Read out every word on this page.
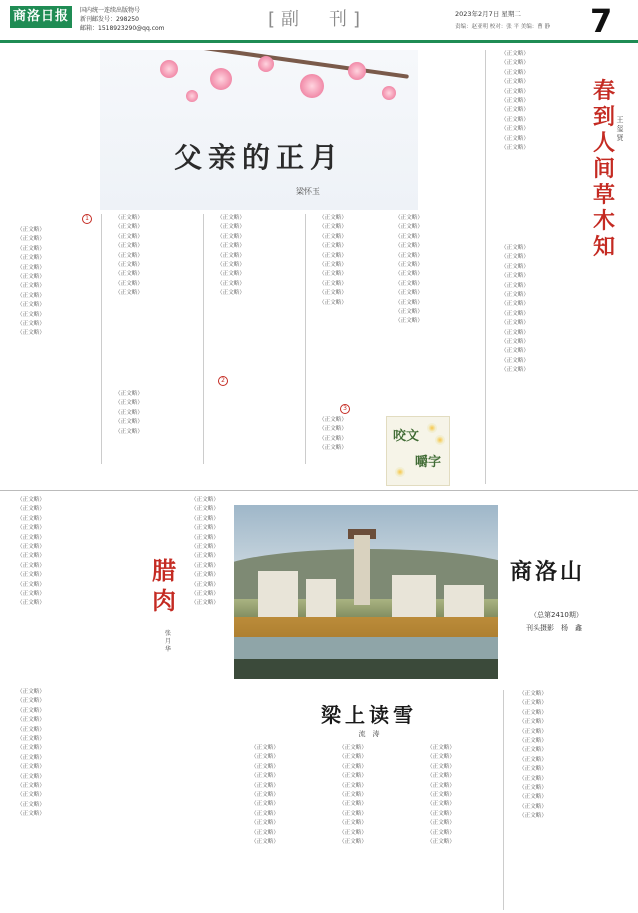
商洛日报	国内统一连续出版物号
新刊邮发号：298250
邮箱：1518923290@qq.com	[副　刊]	2023年2月7日 星期二
责编：赵亚明 校对：张 平 美编：曹 静 7
父亲的正月
梁怀玉
1

（正文略）

（正文略）

（正文略）

（正文略）

（正文略）

（正文略）

（正文略）

（正文略）

（正文略）

（正文略）

（正文略）

（正文略）

（正文略）

（正文略）

（正文略）

（正文略）

（正文略）

（正文略）

（正文略）

（正文略）

（正文略）

（正文略）

（正文略）

（正文略）

（正文略）

（正文略）

（正文略）

（正文略）

（正文略）

（正文略）

（正文略）

（正文略）

（正文略）

（正文略）

（正文略）

（正文略）

（正文略）

（正文略）

（正文略）

（正文略）

2

（正文略）

（正文略）

（正文略）

（正文略）

（正文略）

3

（正文略）

（正文略）

（正文略）

（正文略）

（正文略）

（正文略）

（正文略）

（正文略）

（正文略）

（正文略）

（正文略）

（正文略）

（正文略）

（正文略）

（正文略）

（正文略）

（正文略）

（正文略）

（正文略）

（正文略）

（正文略）

（正文略）

（正文略）

（正文略）

（正文略）

（正文略）

（正文略）

春到人间草木知
王玺贤

（正文略）

（正文略）

（正文略）

（正文略）

（正文略）

（正文略）

（正文略）

（正文略）

（正文略）

（正文略）

（正文略）

（正文略）

（正文略）

（正文略）

咬文
嚼字

（正文略）

（正文略）

（正文略）

（正文略）

（正文略）

（正文略）

（正文略）

（正文略）

（正文略）

（正文略）

（正文略）

（正文略）

腊肉
张月华

（正文略）

（正文略）

（正文略）

（正文略）

（正文略）

（正文略）

（正文略）

（正文略）

（正文略）

（正文略）

（正文略）

（正文略）

（正文略）

（正文略）

（正文略）

（正文略）

（正文略）

（正文略）

（正文略）

（正文略）

（正文略）

（正文略）

（正文略）

（正文略）

（正文略）

（正文略）

商洛山
（总第2410期）
刊头摄影　杨　鑫

（正文略）

（正文略）

（正文略）

（正文略）

（正文略）

（正文略）

（正文略）

（正文略）

（正文略）

（正文略）

（正文略）

（正文略）

（正文略）

（正文略）

梁上读雪
流　涛

（正文略）

（正文略）

（正文略）

（正文略）

（正文略）

（正文略）

（正文略）

（正文略）

（正文略）

（正文略）

（正文略）

（正文略）

（正文略）

（正文略）

（正文略）

（正文略）

（正文略）

（正文略）

（正文略）

（正文略）

（正文略）

（正文略）

（正文略）

（正文略）

（正文略）

（正文略）

（正文略）

（正文略）

（正文略）

（正文略）

（正文略）

（正文略）

（正文略）
